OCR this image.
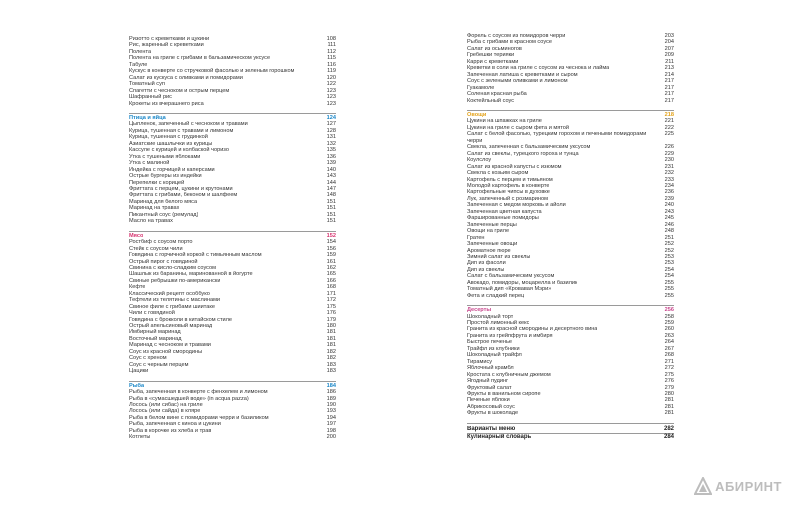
Ризотто с креветками и цукини	108
Рис, жаренный с креветками	111
Полента	112
Полента на гриле с грибами в бальзамическом уксусе	115
Табуле	116
Кускус в конверте со стручковой фасолью и зеленым горошком	119
Салат из кускуса с оливками и помидорами	120
Томатный суп	122
Спагетти с чесноком и острым перцем	123
Шафранный рис	123
Крокеты из вчерашнего риса	123
Птица и яйца	124
Цыпленок, запеченный с чесноком и травами	127
Курица, тушенная с травами и лимоном	128
Курица, тушенная с грудинкой	131
Азиатские шашлычки из курицы	132
Кассуле с курицей и колбаской чоризо	135
Утка с тушеными яблоками	136
Утка с малиной	139
Индейка с горчицей и каперсами	140
Острые бургеры из индейки	143
Перепелки с корицей	144
Фриттата с перцем, цукини и крутонами	147
Фриттата с грибами, беконом и шалфеем	148
Маринад для белого мяса	151
Маринад на травах	151
Пикантный соус (ремулад)	151
Масло на травах	151
Мясо	152
Ростбиф с соусом порто	154
Стейк с соусом чили	156
Говядина с горчичной коркой с тимьянным маслом	159
Острый пирог с говядиной	161
Свинина с кисло-сладким соусом	162
Шашлык из баранины, маринованной в йогурте	165
Свиные ребрышки по-американски	166
Кефте	168
Классический рецепт особбуко	171
Тефтели из телятины с маслинами	172
Свиное филе с грибами шиитаке	175
Чили с говядиной	176
Говядина с брокколи в китайском стиле	179
Острый апельсиновый маринад	180
Имбирный маринад	181
Восточный маринад	181
Маринад с чесноком и травами	181
Соус из красной смородины	182
Соус с хреном	182
Соус с черным перцем	183
Цацики	183
Рыба	184
Рыба, запеченная в конверте с фенхелем и лимоном	186
Рыба в «сумасшедшей воде» (in acqua pazza)	189
Лосось (или сибас) на гриле	190
Лосось (или сайда) в кляре	193
Рыба в белом вине с помидорами черри и базиликом	194
Рыба, запеченная с киноа и цукини	197
Рыба в корочке из хлеба и трав	198
Котлеты	200
Форель с соусом из помидоров черри	203
Рыба с грибами в красном соусе	204
Салат из осьминогов	207
Гребешки терияки	209
Карри с креветками	211
Креветки в соли на гриле с соусом из чеснока и лайма	213
Запеченная латиша с креветками и сыром	214
Соус с зелеными оливками и лимоном	217
Гуакамоле	217
Соленая красная рыба	217
Коктейльный соус	217
Овощи	218
Цукини на шпажках на гриле	221
Цукини на гриле с сыром фета и мятой	222
Салат с белой фасолью, турецким горохом и печеными помидорами черри
225
Свекла, запеченная с бальзамическим уксусом	226
Салат из свеклы, турецкого гороха и тунца	229
Коулслоу	230
Салат из красной капусты с изюмом	231
Свекла с козьим сыром	232
Картофель с перцем и тимьяном	233
Молодой картофель в конверте	234
Картофельные чипсы в духовке	236
Лук, запеченный с розмарином	239
Запеченная с медом морковь и айоли	240
Запеченная цветная капуста	243
Фаршированные помидоры	245
Запеченные перцы	246
Овощи на гриле	248
Гратен	251
Запеченные овощи	252
Ароматное пюре	252
Зимний салат из свеклы	253
Дип из фасоли	253
Дип из свеклы	254
Салат с бальзамическим уксусом	254
Авокадо, помидоры, моцарелла и базилик	255
Томатный дип «Кровавая Мэри»	255
Фета и сладкий перец	255
Десерты	256
Шоколадный торт	258
Простой лимонный кекс	259
Гранита из красной смородины и десертного вина	260
Гранита из грейпфрута и имбиря	263
Быстрое печенье	264
Трайфл из клубники	267
Шоколадный трайфл	268
Тирамису	271
Яблочный крамбл	272
Кростата с клубничным джемом	275
Ягодный пудинг	276
Фруктовый салат	279
Фрукты в ванильном сиропе	280
Печеные яблоки	281
Абрикосовый соус	281
Фрукты в шоколаде	281
Варианты меню	282
Кулинарный словарь	284
АБИРИНТ
